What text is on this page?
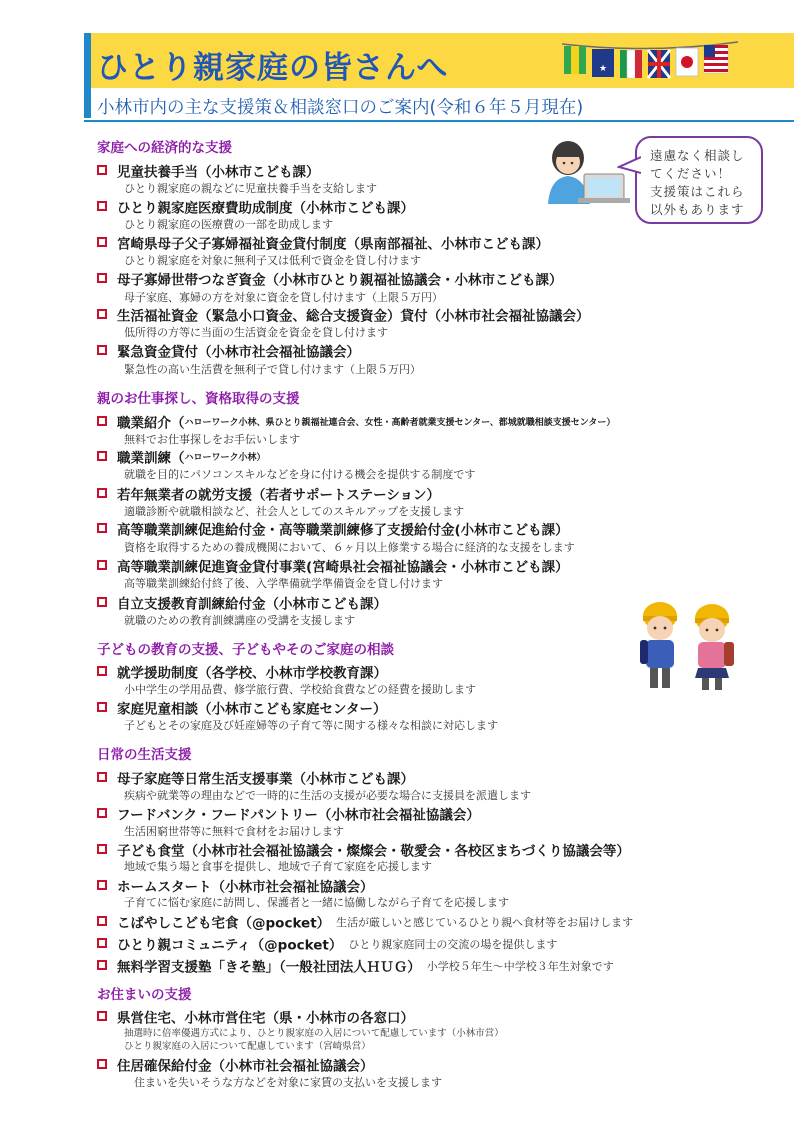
ひとり親家庭の皆さんへ	★
小林市内の主な支援策＆相談窓口のご案内(令和６年５月現在)
遠慮なく相談し
てください！
支援策はこれら
以外もあります
家庭への経済的な支援
児童扶養手当（小林市こども課）
ひとり親家庭の親などに児童扶養手当を支給します
ひとり親家庭医療費助成制度（小林市こども課）
ひとり親家庭の医療費の一部を助成します
宮崎県母子父子寡婦福祉資金貸付制度（県南部福祉、小林市こども課）
ひとり親家庭を対象に無利子又は低利で資金を貸し付けます
母子寡婦世帯つなぎ資金（小林市ひとり親福祉協議会・小林市こども課）
母子家庭、寡婦の方を対象に資金を貸し付けます（上限５万円）
生活福祉資金（緊急小口資金、総合支援資金）貸付（小林市社会福祉協議会）
低所得の方等に当面の生活資金を資金を貸し付けます
緊急資金貸付（小林市社会福祉協議会）
緊急性の高い生活費を無利子で貸し付けます（上限５万円）
親のお仕事探し、資格取得の支援
職業紹介（ハローワーク小林、県ひとり親福祉連合会、女性・高齢者就業支援センター、都城就職相談支援センター）
無料でお仕事探しをお手伝いします
職業訓練（ハローワーク小林）
就職を目的にパソコンスキルなどを身に付ける機会を提供する制度です
若年無業者の就労支援（若者サポートステーション）
適職診断や就職相談など、社会人としてのスキルアップを支援します
高等職業訓練促進給付金・高等職業訓練修了支援給付金(小林市こども課）
資格を取得するための養成機関において、６ヶ月以上修業する場合に経済的な支援をします
高等職業訓練促進資金貸付事業(宮崎県社会福祉協議会・小林市こども課）
高等職業訓練給付終了後、入学準備就学準備資金を貸し付けます
自立支援教育訓練給付金（小林市こども課）
就職のための教育訓練講座の受講を支援します
子どもの教育の支援、子どもやそのご家庭の相談
就学援助制度（各学校、小林市学校教育課）
小中学生の学用品費、修学旅行費、学校給食費などの経費を援助します
家庭児童相談（小林市こども家庭センター）
子どもとその家庭及び妊産婦等の子育て等に関する様々な相談に対応します
日常の生活支援
母子家庭等日常生活支援事業（小林市こども課）
疾病や就業等の理由などで一時的に生活の支援が必要な場合に支援員を派遣します
フードバンク・フードパントリー（小林市社会福祉協議会）
生活困窮世帯等に無料で食材をお届けします
子ども食堂（小林市社会福祉協議会・燦燦会・敬愛会・各校区まちづくり協議会等）
地域で集う場と食事を提供し、地域で子育て家庭を応援します
ホームスタート（小林市社会福祉協議会）
子育てに悩む家庭に訪問し、保護者と一緒に協働しながら子育てを応援します
こばやしこども宅食（@pocket） 生活が厳しいと感じているひとり親へ食材等をお届けします
ひとり親コミュニティ（@pocket） ひとり親家庭同士の交流の場を提供します
無料学習支援塾「きそ塾」（一般社団法人ＨＵＧ） 小学校５年生～中学校３年生対象です
お住まいの支援
県営住宅、小林市営住宅（県・小林市の各窓口）
抽選時に倍率優遇方式により、ひとり親家庭の入居について配慮しています（小林市営）
ひとり親家庭の入居について配慮しています（宮崎県営）
住居確保給付金（小林市社会福祉協議会）
住まいを失いそうな方などを対象に家賃の支払いを支援します
